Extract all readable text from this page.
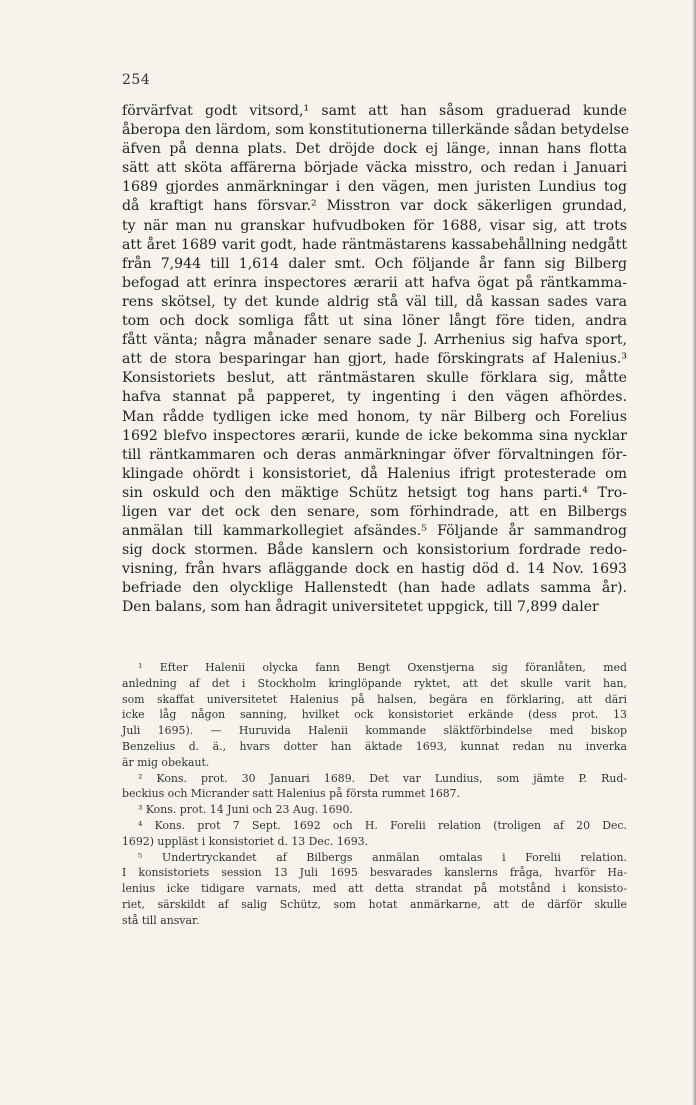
254
förvärfvat godt vitsord,¹ samt att han såsom graduerad kunde
åberopa den lärdom, som konstitutionerna tillerkände sådan betydelse
äfven på denna plats. Det dröjde dock ej länge, innan hans flotta
sätt att sköta affärerna började väcka misstro, och redan i Januari
1689 gjordes anmärkningar i den vägen, men juristen Lundius tog
då kraftigt hans försvar.² Misstron var dock säkerligen grundad,
ty när man nu granskar hufvudboken för 1688, visar sig, att trots
att året 1689 varit godt, hade räntmästarens kassabehållning nedgått
från 7,944 till 1,614 daler smt. Och följande år fann sig Bilberg
befogad att erinra inspectores ærarii att hafva ögat på räntkamma-
rens skötsel, ty det kunde aldrig stå väl till, då kassan sades vara
tom och dock somliga fått ut sina löner långt före tiden, andra
fått vänta; några månader senare sade J. Arrhenius sig hafva sport,
att de stora besparingar han gjort, hade förskingrats af Halenius.³
Konsistoriets beslut, att räntmästaren skulle förklara sig, måtte
hafva stannat på papperet, ty ingenting i den vägen afhördes.
Man rådde tydligen icke med honom, ty när Bilberg och Forelius
1692 blefvo inspectores ærarii, kunde de icke bekomma sina nycklar
till räntkammaren och deras anmärkningar öfver förvaltningen för-
klingade ohördt i konsistoriet, då Halenius ifrigt protesterade om
sin oskuld och den mäktige Schütz hetsigt tog hans parti.⁴ Tro-
ligen var det ock den senare, som förhindrade, att en Bilbergs
anmälan till kammarkollegiet afsändes.⁵ Följande år sammandrog
sig dock stormen. Både kanslern och konsistorium fordrade redo-
visning, från hvars afläggande dock en hastig död d. 14 Nov. 1693
befriade den olycklige Hallenstedt (han hade adlats samma år).
Den balans, som han ådragit universitetet uppgick, till 7,899 daler
¹ Efter Halenii olycka fann Bengt Oxenstjerna sig föranlåten, med
anledning af det i Stockholm kringlöpande ryktet, att det skulle varit han,
som skaffat universitetet Halenius på halsen, begära en förklaring, att däri
icke låg någon sanning, hvilket ock konsistoriet erkände (dess prot. 13
Juli 1695). — Huruvida Halenii kommande släktförbindelse med biskop
Benzelius d. ä., hvars dotter han äktade 1693, kunnat redan nu inverka
är mig obekaut.
² Kons. prot. 30 Januari 1689. Det var Lundius, som jämte P. Rud-
beckius och Micrander satt Halenius på första rummet 1687.
³ Kons. prot. 14 Juni och 23 Aug. 1690.
⁴ Kons. prot 7 Sept. 1692 och H. Forelii relation (troligen af 20 Dec.
1692) uppläst i konsistoriet d. 13 Dec. 1693.
⁵ Undertryckandet af Bilbergs anmälan omtalas i Forelii relation.
I konsistoriets session 13 Juli 1695 besvarades kanslerns fråga, hvarför Ha-
lenius icke tidigare varnats, med att detta strandat på motstånd i konsisto-
riet, särskildt af salig Schütz, som hotat anmärkarne, att de därför skulle
stå till ansvar.
